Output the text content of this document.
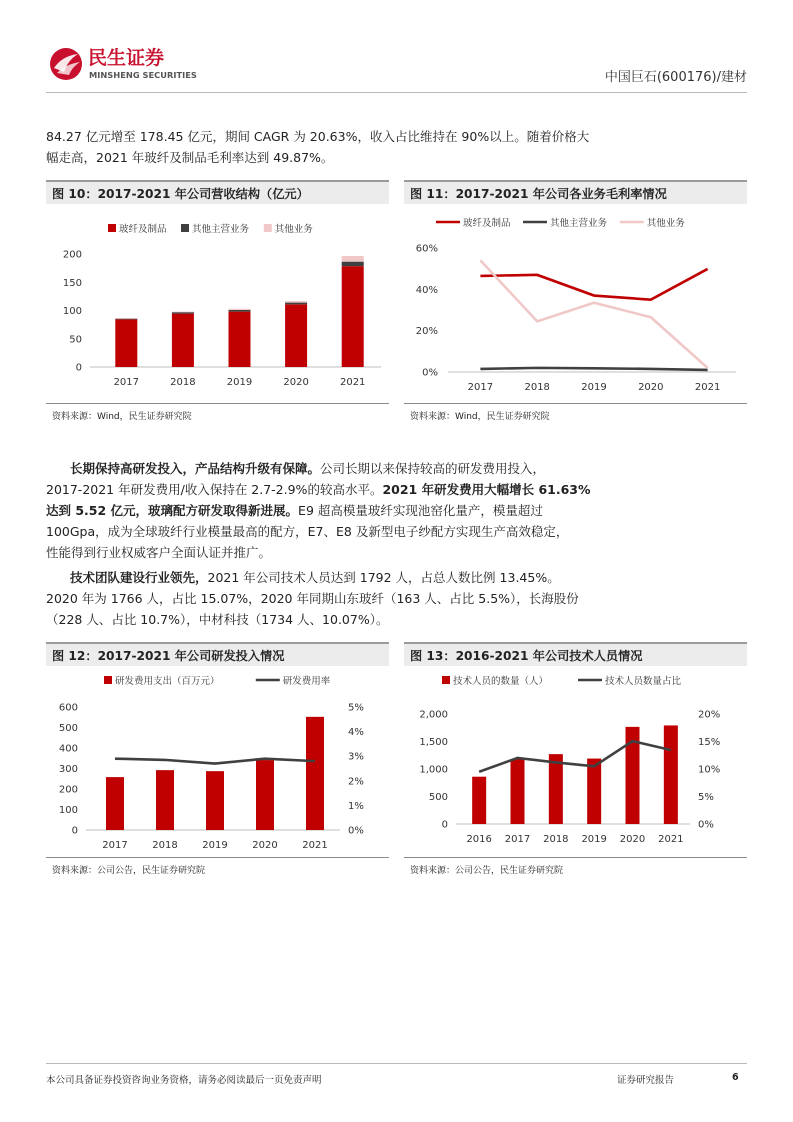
民生证券
MINSHENG SECURITIES	中国巨石(600176)/建材
84.27 亿元增至 178.45 亿元，期间 CAGR 为 20.63%，收入占比维持在 90%以上。随着价格大
幅走高，2021 年玻纤及制品毛利率达到 49.87%。
图 10：2017-2021 年公司营收结构（亿元）
玻纤及制品	其他主营业务	其他业务
0
50
100
150
200
2017	2018	2019	2020	2021
资料来源：Wind，民生证券研究院
图 11：2017-2021 年公司各业务毛利率情况
玻纤及制品	其他主营业务	其他业务
0%
20%
40%
60%
2017	2018	2019	2020	2021
资料来源：Wind，民生证券研究院
长期保持高研发投入，产品结构升级有保障。公司长期以来保持较高的研发费用投入，
2017-2021 年研发费用/收入保持在 2.7-2.9%的较高水平。2021 年研发费用大幅增长 61.63%
达到 5.52 亿元，玻璃配方研发取得新进展。E9 超高模量玻纤实现池窑化量产，模量超过
100Gpa，成为全球玻纤行业模量最高的配方，E7、E8 及新型电子纱配方实现生产高效稳定，
性能得到行业权威客户全面认证并推广。
技术团队建设行业领先，2021 年公司技术人员达到 1792 人，占总人数比例 13.45%。
2020 年为 1766 人，占比 15.07%，2020 年同期山东玻纤（163 人、占比 5.5%），长海股份
（228 人、占比 10.7%），中材科技（1734 人、10.07%）。
图 12：2017-2021 年公司研发投入情况
研发费用支出（百万元）	研发费用率
0
100
200
300
400
500
600
0%
1%
2%
3%
4%
5%
2017 2018 2019 2020 2021
资料来源：公司公告，民生证券研究院
图 13：2016-2021 年公司技术人员情况
技术人员的数量（人）	技术人员数量占比
0
500
1,000
1,500
2,000
0%
5%
10%
15%
20%
2016 2017 2018 2019 2020 2021
资料来源：公司公告，民生证券研究院
本公司具备证券投资咨询业务资格，请务必阅读最后一页免责声明	证券研究报告	6
